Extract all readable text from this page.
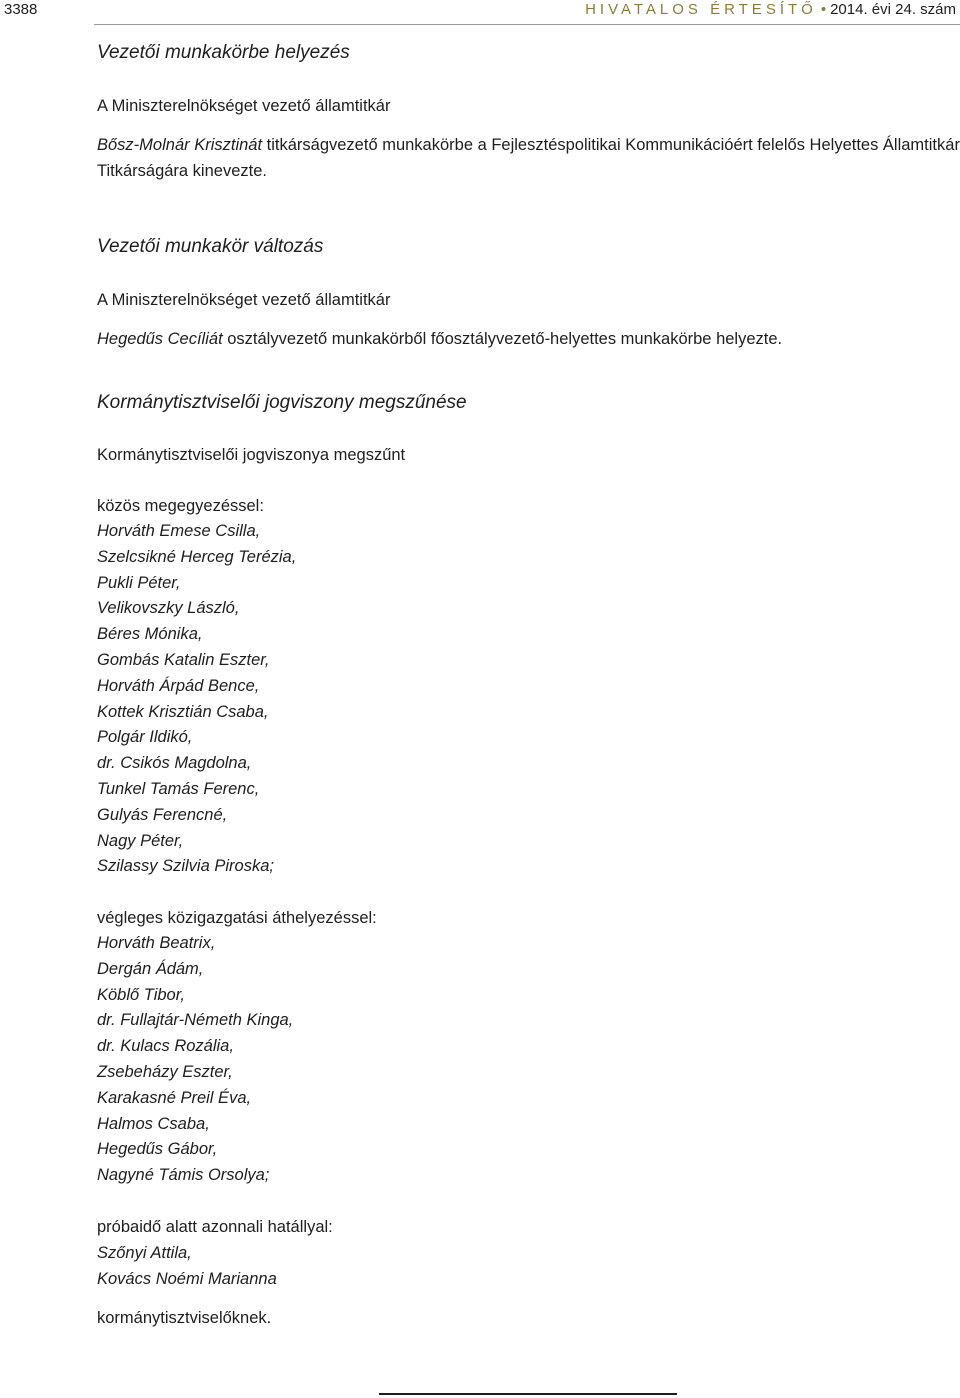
3388	HIVATALOS ÉRTESÍTŐ • 2014. évi 24. szám
Vezetői munkakörbe helyezés
A Miniszterelnökséget vezető államtitkár
Bősz-Molnár Krisztinát titkárságvezető munkakörbe a Fejlesztéspolitikai Kommunikációért felelős Helyettes Államtitkár
Titkárságára kinevezte.
Vezetői munkakör változás
A Miniszterelnökséget vezető államtitkár
Hegedűs Cecíliát osztályvezető munkakörből főosztályvezető-helyettes munkakörbe helyezte.
Kormánytisztviselői jogviszony megszűnése
Kormánytisztviselői jogviszonya megszűnt
közös megegyezéssel:
Horváth Emese Csilla,
Szelcsikné Herceg Terézia,
Pukli Péter,
Velikovszky László,
Béres Mónika,
Gombás Katalin Eszter,
Horváth Árpád Bence,
Kottek Krisztián Csaba,
Polgár Ildikó,
dr. Csikós Magdolna,
Tunkel Tamás Ferenc,
Gulyás Ferencné,
Nagy Péter,
Szilassy Szilvia Piroska;
végleges közigazgatási áthelyezéssel:
Horváth Beatrix,
Dergán Ádám,
Köblő Tibor,
dr. Fullajtár-Németh Kinga,
dr. Kulacs Rozália,
Zsebeházy Eszter,
Karakasné Preil Éva,
Halmos Csaba,
Hegedűs Gábor,
Nagyné Támis Orsolya;
próbaidő alatt azonnali hatállyal:
Szőnyi Attila,
Kovács Noémi Marianna
kormánytisztviselőknek.
